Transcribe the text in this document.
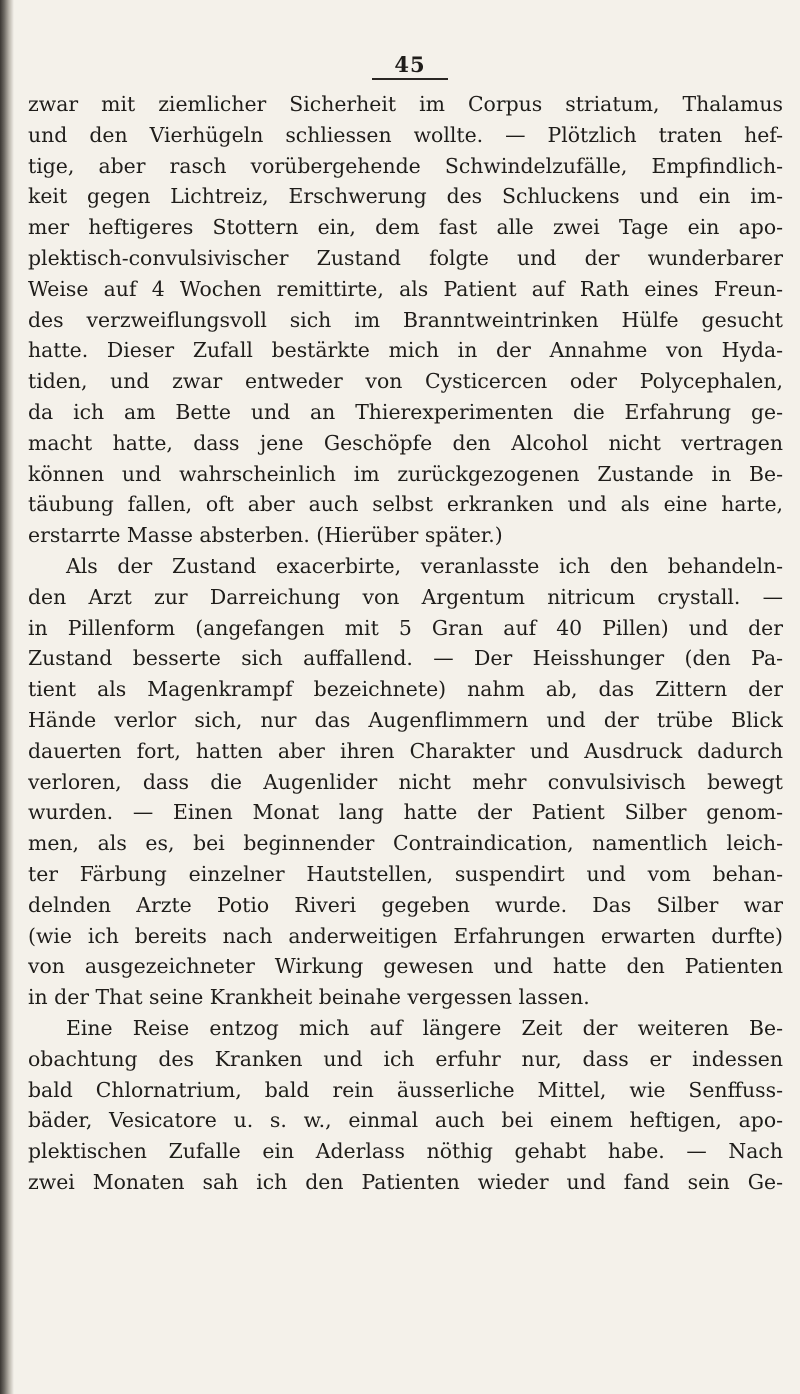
45
zwar mit ziemlicher Sicherheit im Corpus striatum, Thalamus
und den Vierhügeln schliessen wollte. — Plötzlich traten hef-
tige, aber rasch vorübergehende Schwindelzufälle, Empfindlich-
keit gegen Lichtreiz, Erschwerung des Schluckens und ein im-
mer heftigeres Stottern ein, dem fast alle zwei Tage ein apo-
plektisch-convulsivischer Zustand folgte und der wunderbarer
Weise auf 4 Wochen remittirte, als Patient auf Rath eines Freun-
des verzweiflungsvoll sich im Branntweintrinken Hülfe gesucht
hatte. Dieser Zufall bestärkte mich in der Annahme von Hyda-
tiden, und zwar entweder von Cysticercen oder Polycephalen,
da ich am Bette und an Thierexperimenten die Erfahrung ge-
macht hatte, dass jene Geschöpfe den Alcohol nicht vertragen
können und wahrscheinlich im zurückgezogenen Zustande in Be-
täubung fallen, oft aber auch selbst erkranken und als eine harte,
erstarrte Masse absterben. (Hierüber später.)
Als der Zustand exacerbirte, veranlasste ich den behandeln-
den Arzt zur Darreichung von Argentum nitricum crystall. —
in Pillenform (angefangen mit 5 Gran auf 40 Pillen) und der
Zustand besserte sich auffallend. — Der Heisshunger (den Pa-
tient als Magenkrampf bezeichnete) nahm ab, das Zittern der
Hände verlor sich, nur das Augenflimmern und der trübe Blick
dauerten fort, hatten aber ihren Charakter und Ausdruck dadurch
verloren, dass die Augenlider nicht mehr convulsivisch bewegt
wurden. — Einen Monat lang hatte der Patient Silber genom-
men, als es, bei beginnender Contraindication, namentlich leich-
ter Färbung einzelner Hautstellen, suspendirt und vom behan-
delnden Arzte Potio Riveri gegeben wurde. Das Silber war
(wie ich bereits nach anderweitigen Erfahrungen erwarten durfte)
von ausgezeichneter Wirkung gewesen und hatte den Patienten
in der That seine Krankheit beinahe vergessen lassen.
Eine Reise entzog mich auf längere Zeit der weiteren Be-
obachtung des Kranken und ich erfuhr nur, dass er indessen
bald Chlornatrium, bald rein äusserliche Mittel, wie Senffuss-
bäder, Vesicatore u. s. w., einmal auch bei einem heftigen, apo-
plektischen Zufalle ein Aderlass nöthig gehabt habe. — Nach
zwei Monaten sah ich den Patienten wieder und fand sein Ge-
